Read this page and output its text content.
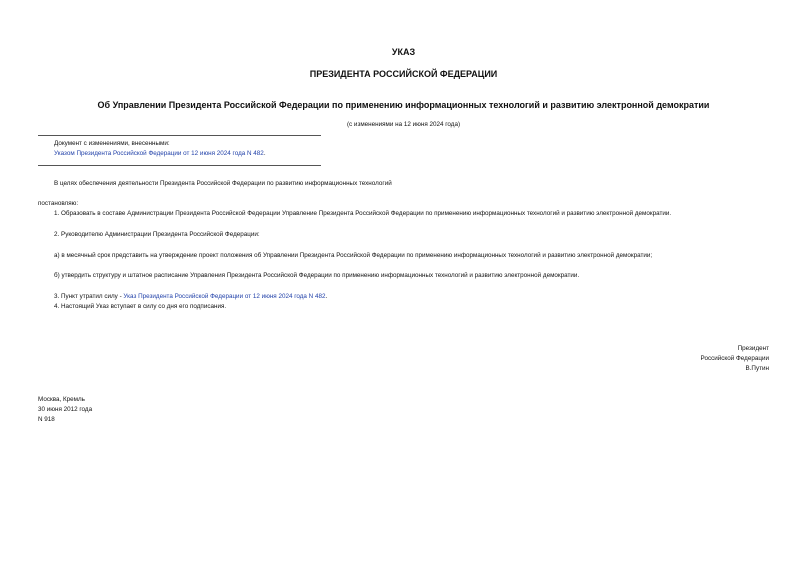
УКАЗ
ПРЕЗИДЕНТА РОССИЙСКОЙ ФЕДЕРАЦИИ
Об Управлении Президента Российской Федерации по применению информационных технологий и развитию электронной демократии
(с изменениями на 12 июня 2024 года)
Документ с изменениями, внесенными:
Указом Президента Российской Федерации от 12 июня 2024 года N 482.
В целях обеспечения деятельности Президента Российской Федерации по развитию информационных технологий
постановляю:
1. Образовать в составе Администрации Президента Российской Федерации Управление Президента Российской Федерации по применению информационных технологий и развитию электронной демократии.
2. Руководителю Администрации Президента Российской Федерации:
а) в месячный срок представить на утверждение проект положения об Управлении Президента Российской Федерации по применению информационных технологий и развитию электронной демократии;
б) утвердить структуру и штатное расписание Управления Президента Российской Федерации по применению информационных технологий и развитию электронной демократии.
3. Пункт утратил силу - Указ Президента Российской Федерации от 12 июня 2024 года N 482.
4. Настоящий Указ вступает в силу со дня его подписания.
Президент
Российской Федерации
В.Путин
Москва, Кремль
30 июня 2012 года
N 918
